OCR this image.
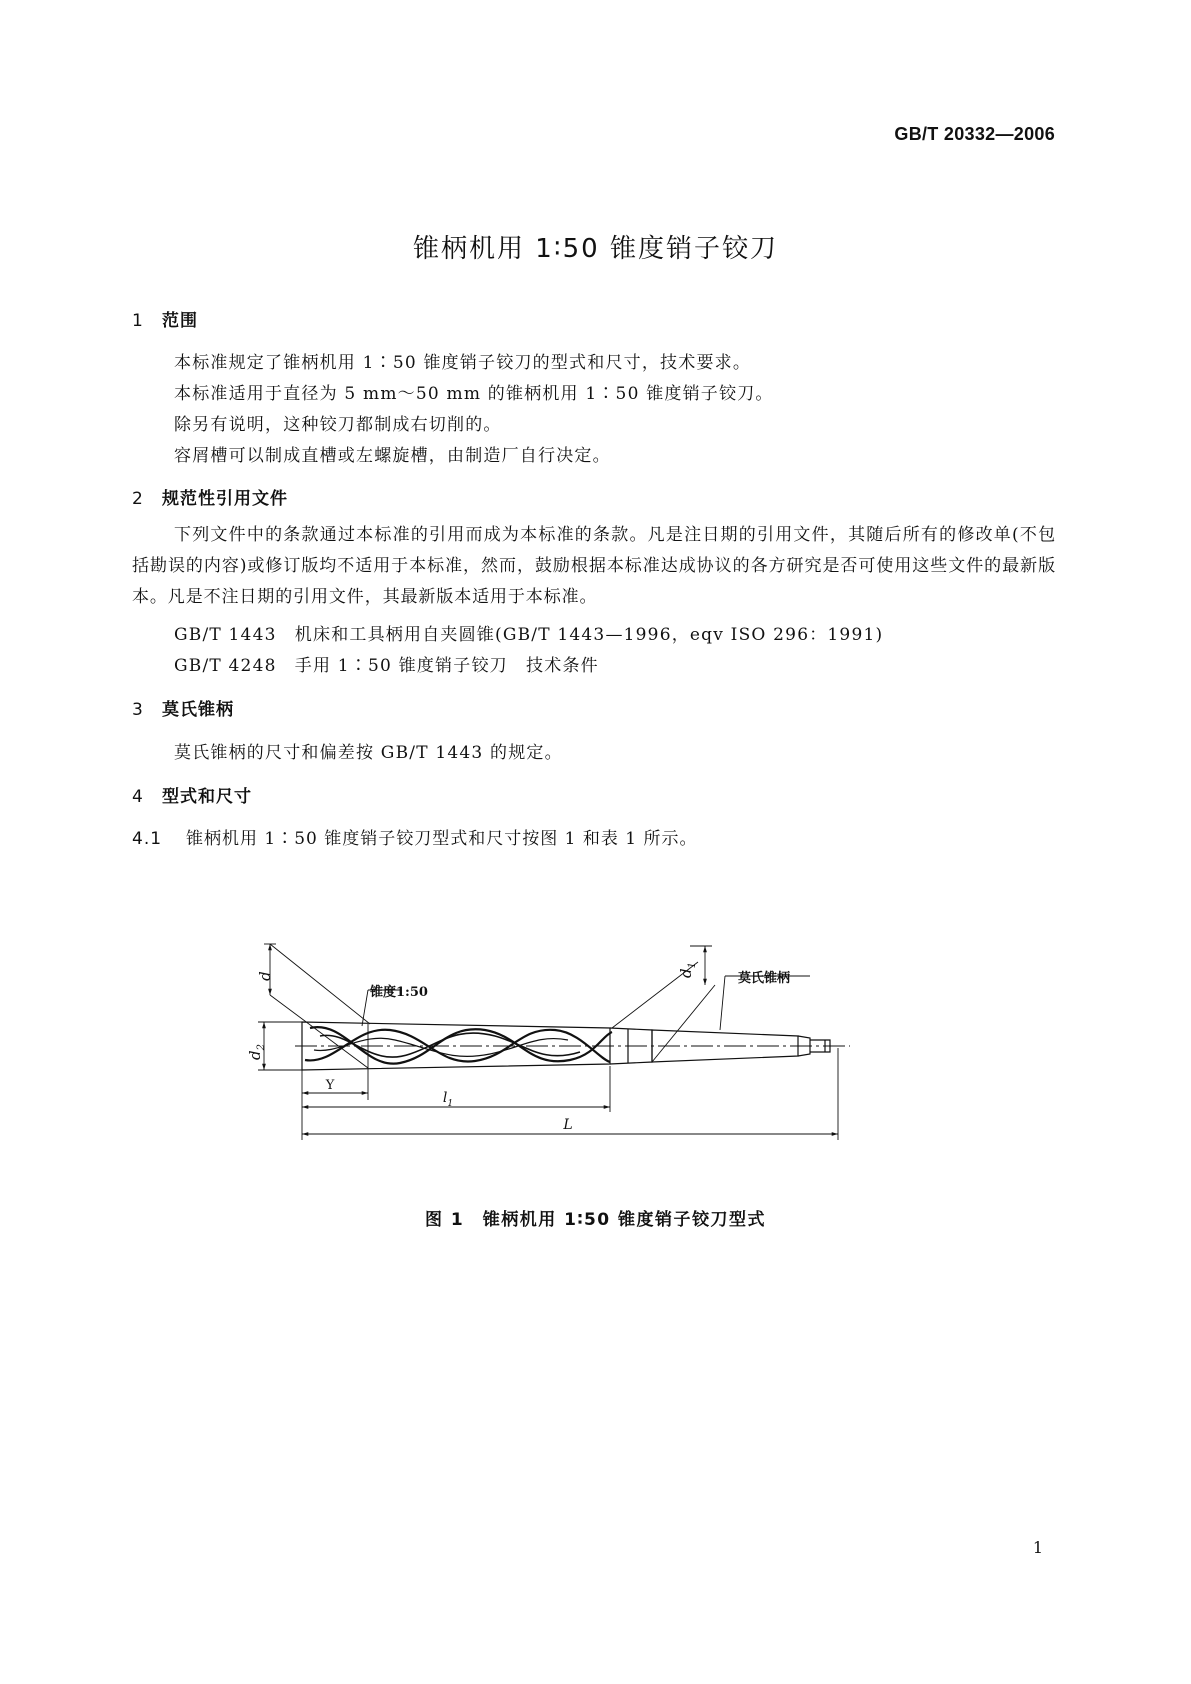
GB/T 20332—2006
锥柄机用 1∶50 锥度销子铰刀
1 范围
本标准规定了锥柄机用 1∶50 锥度销子铰刀的型式和尺寸，技术要求。
本标准适用于直径为 5 mm～50 mm 的锥柄机用 1∶50 锥度销子铰刀。
除另有说明，这种铰刀都制成右切削的。
容屑槽可以制成直槽或左螺旋槽，由制造厂自行决定。
2 规范性引用文件
下列文件中的条款通过本标准的引用而成为本标准的条款。凡是注日期的引用文件，其随后所有的修改单(不包括勘误的内容)或修订版均不适用于本标准，然而，鼓励根据本标准达成协议的各方研究是否可使用这些文件的最新版本。凡是不注日期的引用文件，其最新版本适用于本标准。
GB/T 1443　机床和工具柄用自夹圆锥(GB/T 1443—1996，eqv ISO 296：1991)
GB/T 4248　手用 1∶50 锥度销子铰刀　技术条件
3 莫氏锥柄
莫氏锥柄的尺寸和偏差按 GB/T 1443 的规定。
4 型式和尺寸
4.1 锥柄机用 1∶50 锥度销子铰刀型式和尺寸按图 1 和表 1 所示。
d
$d_2$
$d_1$
锥度1:50
莫氏锥柄
Y
$l_1$
L
图 1　锥柄机用 1∶50 锥度销子铰刀型式
1
